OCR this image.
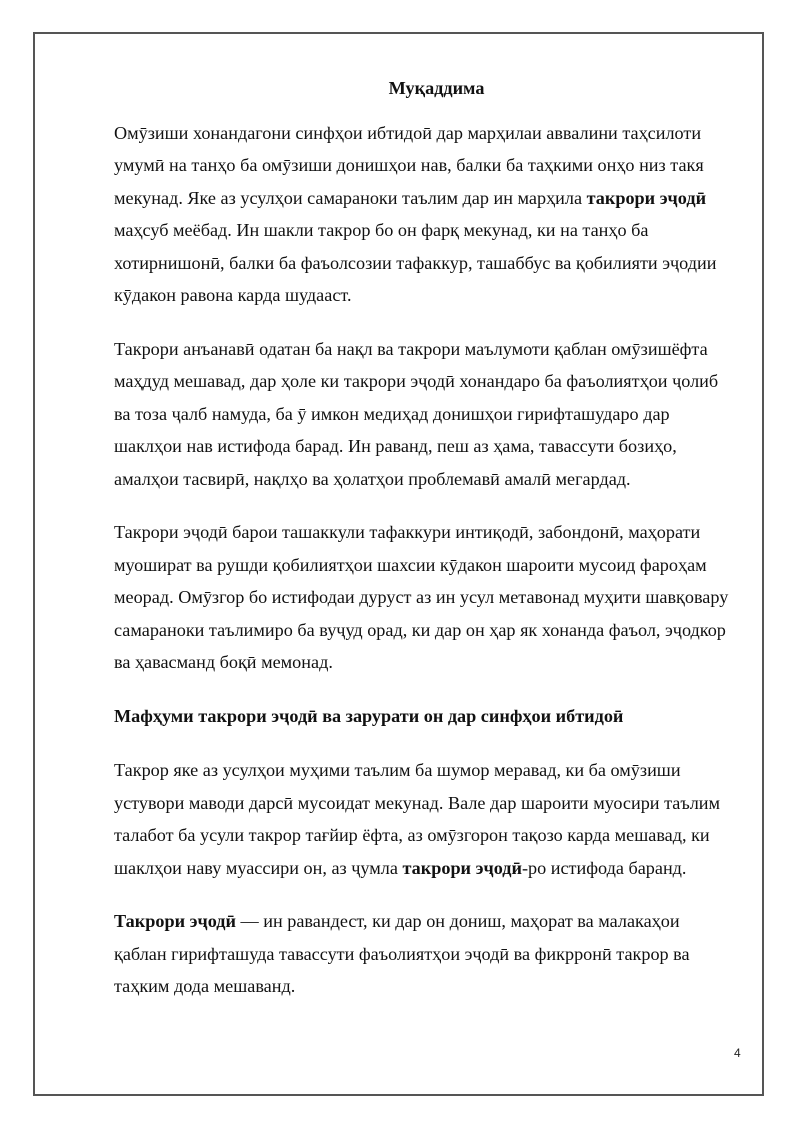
Муқаддима

Омӯзиши хонандагони синфҳои ибтидоӣ дар марҳилаи аввалини таҳсилоти умумӣ на танҳо ба омӯзиши донишҳои нав, балки ба таҳкими онҳо низ такя мекунад. Яке аз усулҳои самараноки таълим дар ин марҳила такрори эҷодӣ маҳсуб меёбад. Ин шакли такрор бо он фарқ мекунад, ки на танҳо ба хотирнишонӣ, балки ба фаъолсозии тафаккур, ташаббус ва қобилияти эҷодии кӯдакон равона карда шудааст.

Такрори анъанавӣ одатан ба нақл ва такрори маълумоти қаблан омӯзишёфта маҳдуд мешавад, дар ҳоле ки такрори эҷодӣ хонандаро ба фаъолиятҳои ҷолиб ва тоза ҷалб намуда, ба ӯ имкон медиҳад донишҳои гирифташударо дар шаклҳои нав истифода барад. Ин раванд, пеш аз ҳама, тавассути бозиҳо, амалҳои тасвирӣ, нақлҳо ва ҳолатҳои проблемавӣ амалӣ мегардад.

Такрори эҷодӣ барои ташаккули тафаккури интиқодӣ, забондонӣ, маҳорати муошират ва рушди қобилиятҳои шахсии кӯдакон шароити мусоид фароҳам меорад. Омӯзгор бо истифодаи дуруст аз ин усул метавонад муҳити шавқовару самараноки таълимиро ба вуҷуд орад, ки дар он ҳар як хонанда фаъол, эҷодкор ва ҳавасманд боқӣ мемонад.

Мафҳуми такрори эҷодӣ ва зарурати он дар синфҳои ибтидоӣ

Такрор яке аз усулҳои муҳими таълим ба шумор меравад, ки ба омӯзиши устувори маводи дарсӣ мусоидат мекунад. Вале дар шароити муосири таълим талабот ба усули такрор тағйир ёфта, аз омӯзгорон тақозо карда мешавад, ки шаклҳои наву муассири он, аз ҷумла такрори эҷодӣ-ро истифода баранд.

Такрори эҷодӣ — ин равандест, ки дар он дониш, маҳорат ва малакаҳои қаблан гирифташуда тавассути фаъолиятҳои эҷодӣ ва фикрронӣ такрор ва таҳким дода мешаванд.

4
